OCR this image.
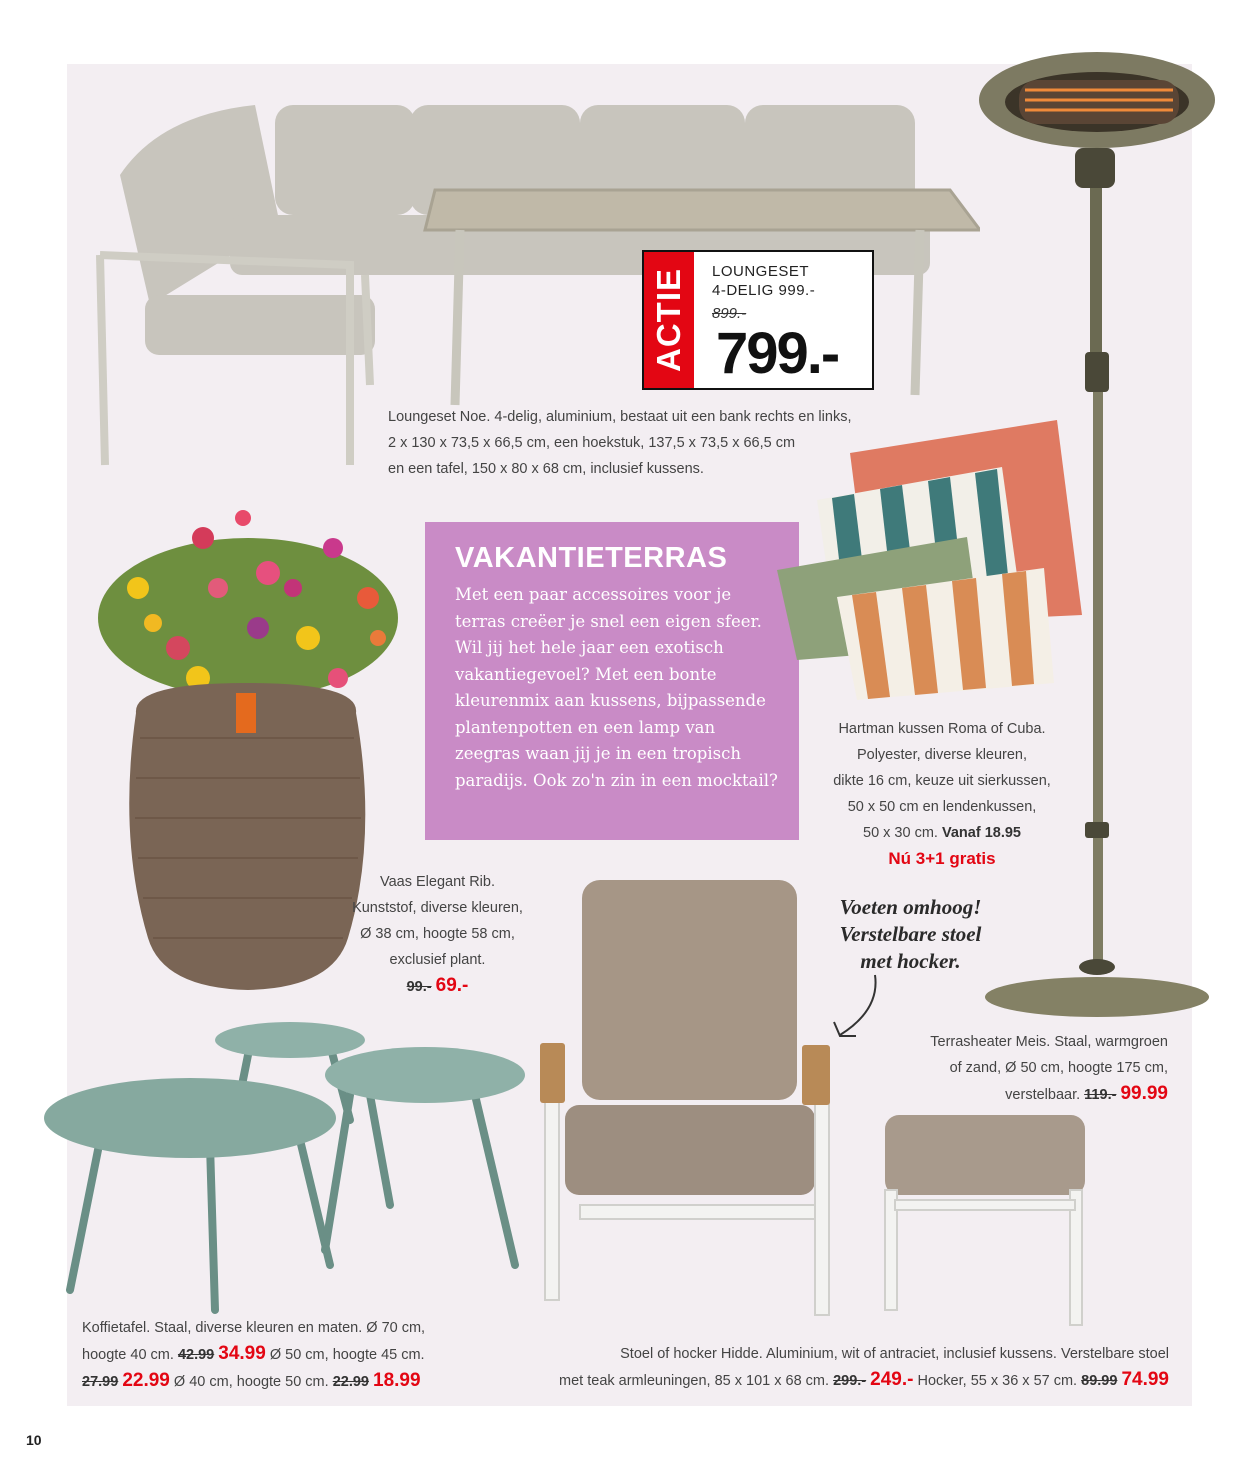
ACTIE LOUNGESET
4-DELIG 999.-
899.-
799.-
Loungeset Noe. 4-delig, aluminium, bestaat uit een bank rechts en links,
2 x 130 x 73,5 x 66,5 cm, een hoekstuk, 137,5 x 73,5 x 66,5 cm
en een tafel, 150 x 80 x 68 cm, inclusief kussens.
VAKANTIETERRAS

Met een paar accessoires voor je terras creëer je snel een eigen sfeer. Wil jij het hele jaar een exotisch vakantiegevoel? Met een bonte kleurenmix aan kussens, bijpassende plantenpotten en een lamp van zeegras waan jij je in een tropisch paradijs. Ook zo'n zin in een mocktail?

Hartman kussen Roma of Cuba.
Polyester, diverse kleuren,
dikte 16 cm, keuze uit sierkussen,
50 x 50 cm en lendenkussen,
50 x 30 cm. Vanaf 18.95
Nú 3+1 gratis
Vaas Elegant Rib.
Kunststof, diverse kleuren,
Ø 38 cm, hoogte 58 cm,
exclusief plant.
99.- 69.-
Voeten omhoog!
Verstelbare stoel
met hocker.
Terrasheater Meis. Staal, warmgroen
of zand, Ø 50 cm, hoogte 175 cm,
verstelbaar. 119.- 99.99
Koffietafel. Staal, diverse kleuren en maten. Ø 70 cm,
hoogte 40 cm. 42.99 34.99 Ø 50 cm, hoogte 45 cm.
27.99 22.99 Ø 40 cm, hoogte 50 cm. 22.99 18.99
Stoel of hocker Hidde. Aluminium, wit of antraciet, inclusief kussens. Verstelbare stoel
met teak armleuningen, 85 x 101 x 68 cm. 299.- 249.- Hocker, 55 x 36 x 57 cm. 89.99 74.99
10
